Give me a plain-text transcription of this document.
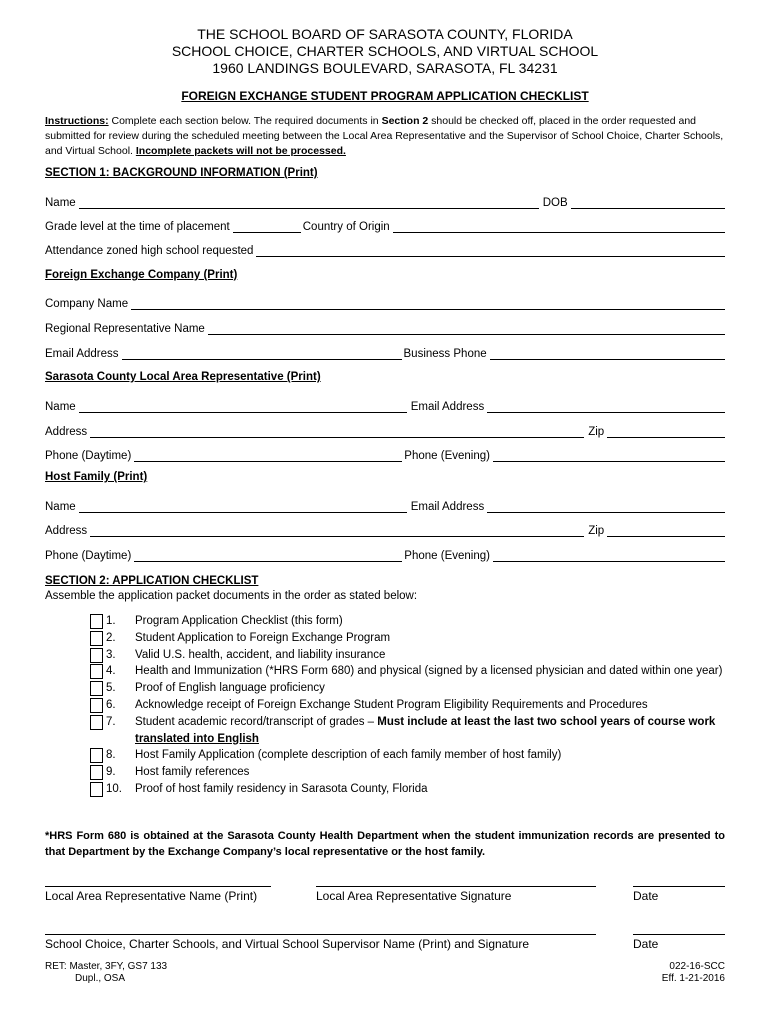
THE SCHOOL BOARD OF SARASOTA COUNTY, FLORIDA
SCHOOL CHOICE, CHARTER SCHOOLS, AND VIRTUAL SCHOOL
1960 LANDINGS BOULEVARD, SARASOTA, FL 34231
FOREIGN EXCHANGE STUDENT PROGRAM APPLICATION CHECKLIST
Instructions: Complete each section below. The required documents in Section 2 should be checked off, placed in the order requested and submitted for review during the scheduled meeting between the Local Area Representative and the Supervisor of School Choice, Charter Schools, and Virtual School. Incomplete packets will not be processed.
SECTION 1: BACKGROUND INFORMATION (Print)
Name	DOB
Grade level at the time of placement	Country of Origin
Attendance zoned high school requested
Foreign Exchange Company (Print)
Company Name
Regional Representative Name
Email Address	Business Phone
Sarasota County Local Area Representative (Print)
Name	Email Address
Address	Zip
Phone (Daytime)	Phone (Evening)
Host Family (Print)
Name	Email Address
Address	Zip
Phone (Daytime)	Phone (Evening)
SECTION 2: APPLICATION CHECKLIST
Assemble the application packet documents in the order as stated below:
1.	Program Application Checklist (this form)
2.	Student Application to Foreign Exchange Program
3.	Valid U.S. health, accident, and liability insurance
4.	Health and Immunization (*HRS Form 680) and physical (signed by a licensed physician and dated within one year)
5.	Proof of English language proficiency
6.	Acknowledge receipt of Foreign Exchange Student Program Eligibility Requirements and Procedures
7.	Student academic record/transcript of grades – Must include at least the last two school years of course work translated into English
8.	Host Family Application (complete description of each family member of host family)
9.	Host family references
10.	Proof of host family residency in Sarasota County, Florida
*HRS Form 680 is obtained at the Sarasota County Health Department when the student immunization records are presented to that Department by the Exchange Company’s local representative or the host family.
Local Area Representative Name (Print)	Local Area Representative Signature	Date
School Choice, Charter Schools, and Virtual School Supervisor Name (Print) and Signature	Date
RET: Master, 3FY, GS7 133
Dupl., OSA
022-16-SCC
Eff. 1-21-2016
